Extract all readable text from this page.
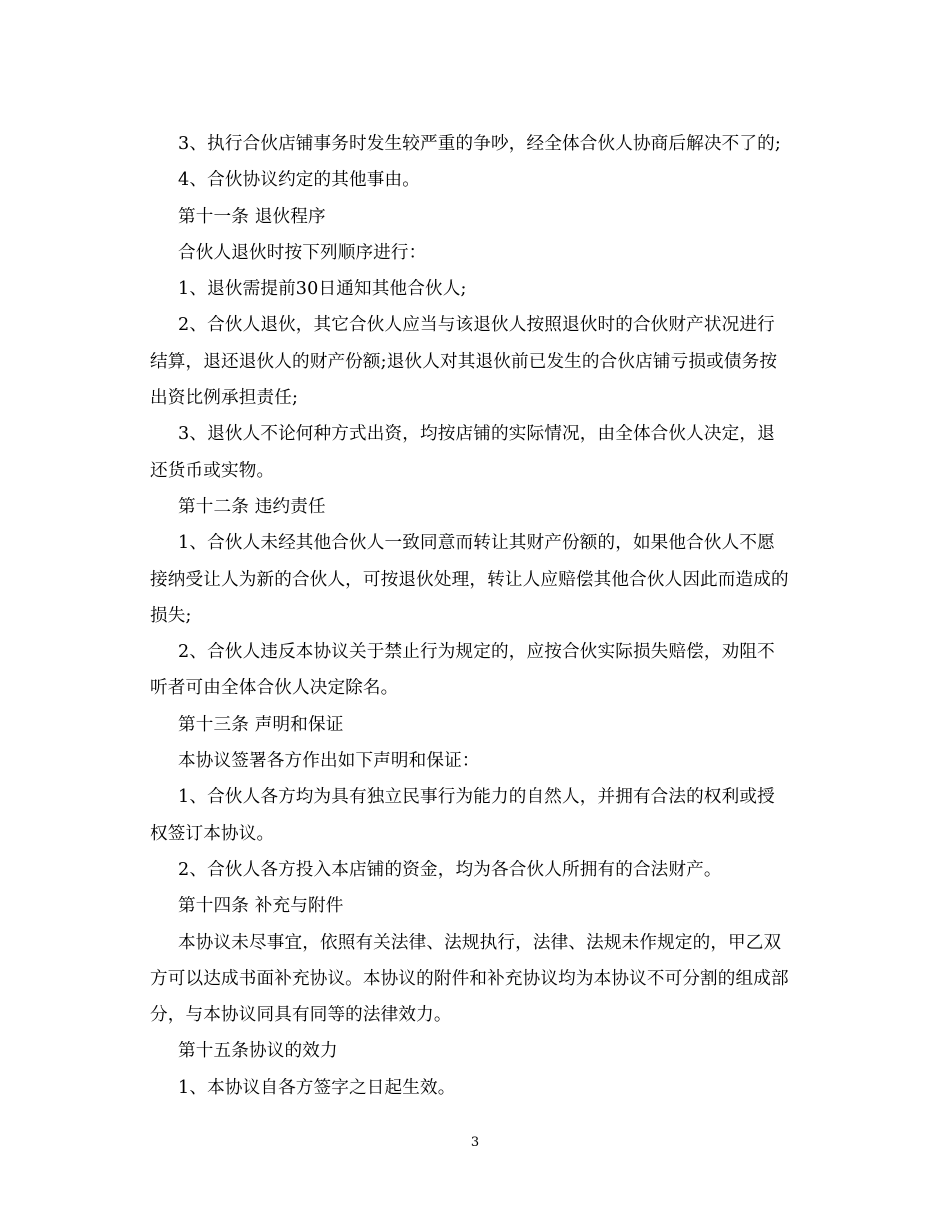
3、执行合伙店铺事务时发生较严重的争吵，经全体合伙人协商后解决不了的;
4、合伙协议约定的其他事由。
第十一条 退伙程序
合伙人退伙时按下列顺序进行：
1、退伙需提前30日通知其他合伙人;
2、合伙人退伙，其它合伙人应当与该退伙人按照退伙时的合伙财产状况进行
结算，退还退伙人的财产份额;退伙人对其退伙前已发生的合伙店铺亏损或债务按
出资比例承担责任;
3、退伙人不论何种方式出资，均按店铺的实际情况，由全体合伙人决定，退
还货币或实物。
第十二条 违约责任
1、合伙人未经其他合伙人一致同意而转让其财产份额的，如果他合伙人不愿
接纳受让人为新的合伙人，可按退伙处理，转让人应赔偿其他合伙人因此而造成的
损失;
2、合伙人违反本协议关于禁止行为规定的，应按合伙实际损失赔偿，劝阻不
听者可由全体合伙人决定除名。
第十三条 声明和保证
本协议签署各方作出如下声明和保证：
1、合伙人各方均为具有独立民事行为能力的自然人，并拥有合法的权利或授
权签订本协议。
2、合伙人各方投入本店铺的资金，均为各合伙人所拥有的合法财产。
第十四条 补充与附件
本协议未尽事宜，依照有关法律、法规执行，法律、法规未作规定的，甲乙双
方可以达成书面补充协议。本协议的附件和补充协议均为本协议不可分割的组成部
分，与本协议同具有同等的法律效力。
第十五条协议的效力
1、本协议自各方签字之日起生效。
3
